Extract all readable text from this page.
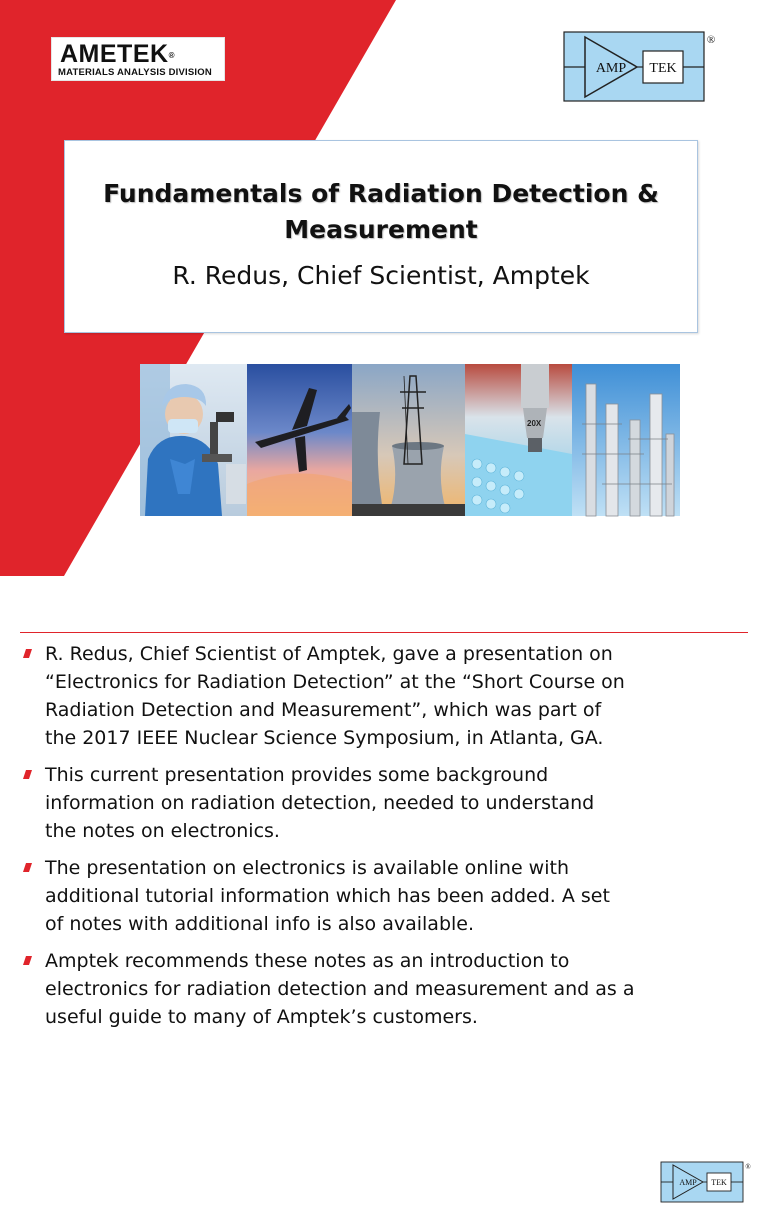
AMETEK®
MATERIALS ANALYSIS DIVISION	AMP TEK
®
Fundamentals of Radiation Detection &
Measurement
R. Redus, Chief Scientist, Amptek
20X
AMP TEK
®
R. Redus, Chief Scientist of Amptek, gave a presentation on
“Electronics for Radiation Detection” at the “Short Course on
Radiation Detection and Measurement”, which was part of
the 2017 IEEE Nuclear Science Symposium, in Atlanta, GA.
This current presentation provides some background
information on radiation detection, needed to understand
the notes on electronics.
The presentation on electronics is available online with
additional tutorial information which has been added. A set
of notes with additional info is also available.
Amptek recommends these notes as an introduction to
electronics for radiation detection and measurement and as a
useful guide to many of Amptek’s customers.
